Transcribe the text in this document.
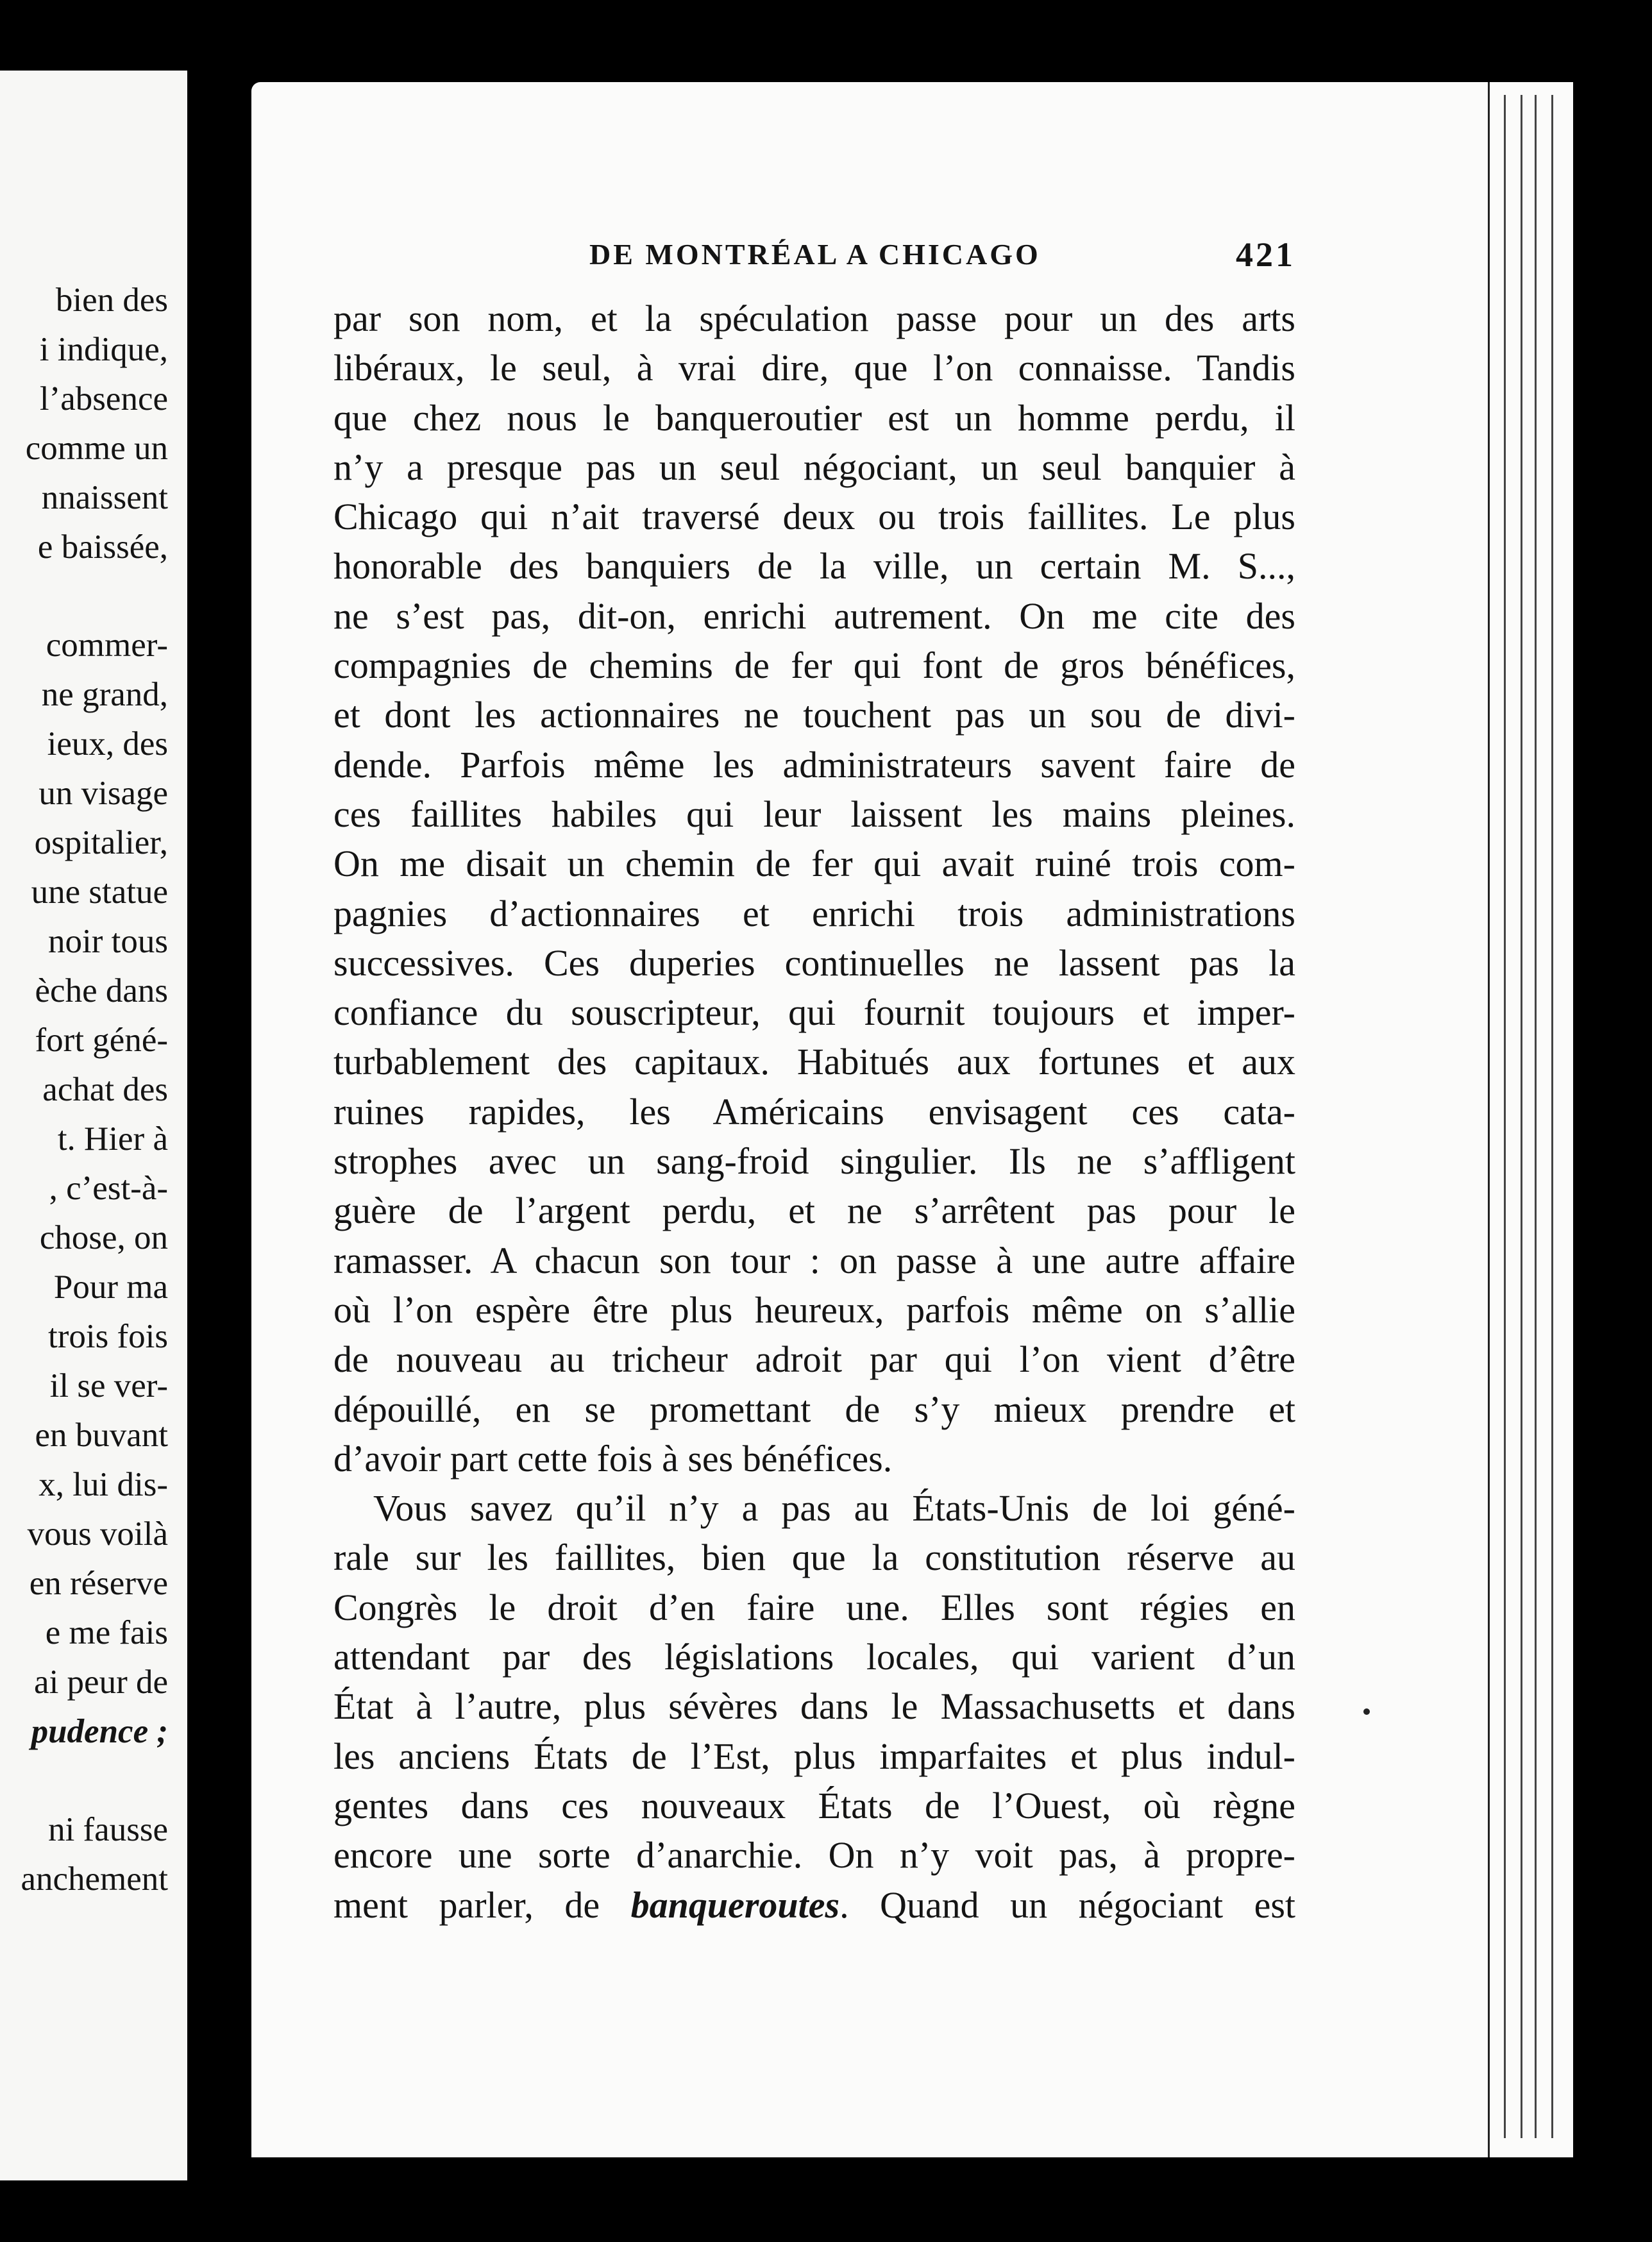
bien des
i indique,
l’absence
comme un
nnaissent
e baissée,
commer-
ne grand,
ieux, des
un visage
ospitalier,
une statue
noir tous
èche dans
fort géné-
achat des
t. Hier à
, c’est-à-
chose, on
Pour ma
trois fois
il se ver-
en buvant
x, lui dis-
vous voilà
en réserve
e me fais
ai peur de
pudence ;
ni fausse
anchement
DE MONTRÉAL A CHICAGO	421
par son nom, et la spéculation passe pour un des arts
libéraux, le seul, à vrai dire, que l’on connaisse. Tandis
que chez nous le banqueroutier est un homme perdu, il
n’y a presque pas un seul négociant, un seul banquier à
Chicago qui n’ait traversé deux ou trois faillites. Le plus
honorable des banquiers de la ville, un certain M. S...,
ne s’est pas, dit-on, enrichi autrement. On me cite des
compagnies de chemins de fer qui font de gros bénéfices,
et dont les actionnaires ne touchent pas un sou de divi-
dende. Parfois même les administrateurs savent faire de
ces faillites habiles qui leur laissent les mains pleines.
On me disait un chemin de fer qui avait ruiné trois com-
pagnies d’actionnaires et enrichi trois administrations
successives. Ces duperies continuelles ne lassent pas la
confiance du souscripteur, qui fournit toujours et imper-
turbablement des capitaux. Habitués aux fortunes et aux
ruines rapides, les Américains envisagent ces cata-
strophes avec un sang-froid singulier. Ils ne s’affligent
guère de l’argent perdu, et ne s’arrêtent pas pour le
ramasser. A chacun son tour : on passe à une autre affaire
où l’on espère être plus heureux, parfois même on s’allie
de nouveau au tricheur adroit par qui l’on vient d’être
dépouillé, en se promettant de s’y mieux prendre et
d’avoir part cette fois à ses bénéfices.
Vous savez qu’il n’y a pas au États-Unis de loi géné-
rale sur les faillites, bien que la constitution réserve au
Congrès le droit d’en faire une. Elles sont régies en
attendant par des législations locales, qui varient d’un
État à l’autre, plus sévères dans le Massachusetts et dans
les anciens États de l’Est, plus imparfaites et plus indul-
gentes dans ces nouveaux États de l’Ouest, où règne
encore une sorte d’anarchie. On n’y voit pas, à propre-
ment parler, de banqueroutes. Quand un négociant est
